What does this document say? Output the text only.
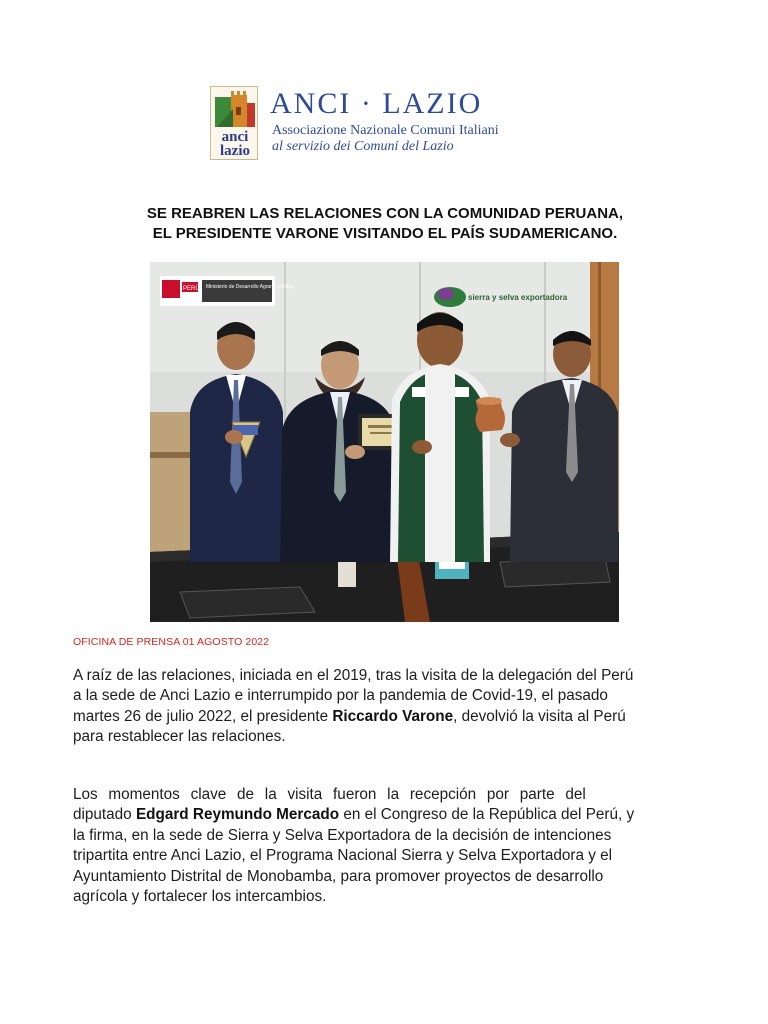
anci
lazio
ANCI · LAZIO
Associazione Nazionale Comuni Italiani
al servizio dei Comuni del Lazio
SE REABREN LAS RELACIONES CON LA COMUNIDAD PERUANA,
EL PRESIDENTE VARONE VISITANDO EL PAÍS SUDAMERICANO.
PERÚ Ministerio de Desarrollo Agrario y Riego
sierra y selva exportadora
OFICINA DE PRENSA 01 AGOSTO 2022
A raíz de las relaciones, iniciada en el 2019, tras la visita de la delegación del Perú
a la sede de Anci Lazio e interrumpido por la pandemia de Covid-19, el pasado
martes 26 de julio 2022, el presidente Riccardo Varone , devolvió la visita al Perú
para restablecer las relaciones.
Los momentos clave de la visita fueron la recepción por parte del
diputado Edgard Reymundo Mercado en el Congreso de la República del Perú, y
la firma, en la sede de Sierra y Selva Exportadora de la decisión de intenciones
tripartita entre Anci Lazio, el Programa Nacional Sierra y Selva Exportadora y el
Ayuntamiento Distrital de Monobamba, para promover proyectos de desarrollo
agrícola y fortalecer los intercambios.
